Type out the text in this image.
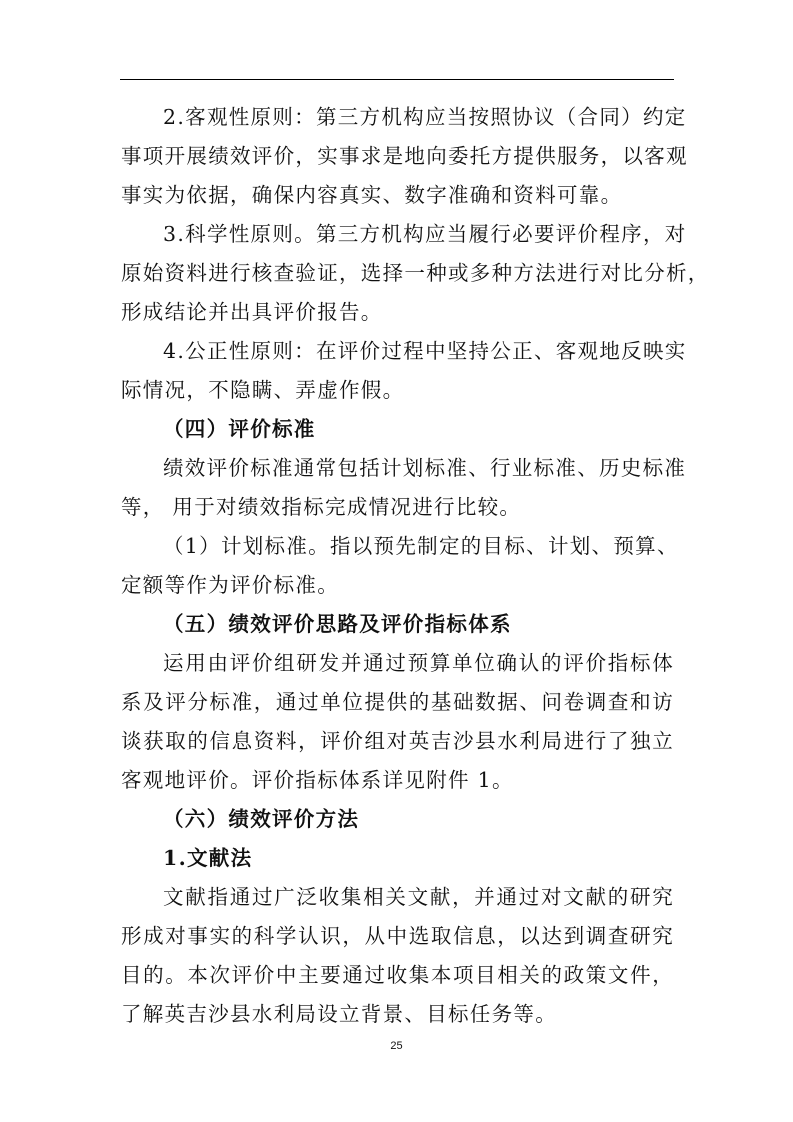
2.客观性原则：第三方机构应当按照协议（合同）约定
事项开展绩效评价，实事求是地向委托方提供服务，以客观
事实为依据，确保内容真实、数字准确和资料可靠。
3.科学性原则。第三方机构应当履行必要评价程序，对
原始资料进行核查验证，选择一种或多种方法进行对比分析，
形成结论并出具评价报告。
4.公正性原则：在评价过程中坚持公正、客观地反映实
际情况，不隐瞒、弄虚作假。
（四）评价标准
绩效评价标准通常包括计划标准、行业标准、历史标准
等， 用于对绩效指标完成情况进行比较。
（1）计划标准。指以预先制定的目标、计划、预算、
定额等作为评价标准。
（五）绩效评价思路及评价指标体系
运用由评价组研发并通过预算单位确认的评价指标体
系及评分标准，通过单位提供的基础数据、问卷调查和访
谈获取的信息资料，评价组对英吉沙县水利局进行了独立
客观地评价。评价指标体系详见附件 1。
（六）绩效评价方法
1.文献法
文献指通过广泛收集相关文献，并通过对文献的研究
形成对事实的科学认识，从中选取信息，以达到调查研究
目的。本次评价中主要通过收集本项目相关的政策文件，
了解英吉沙县水利局设立背景、目标任务等。
25
